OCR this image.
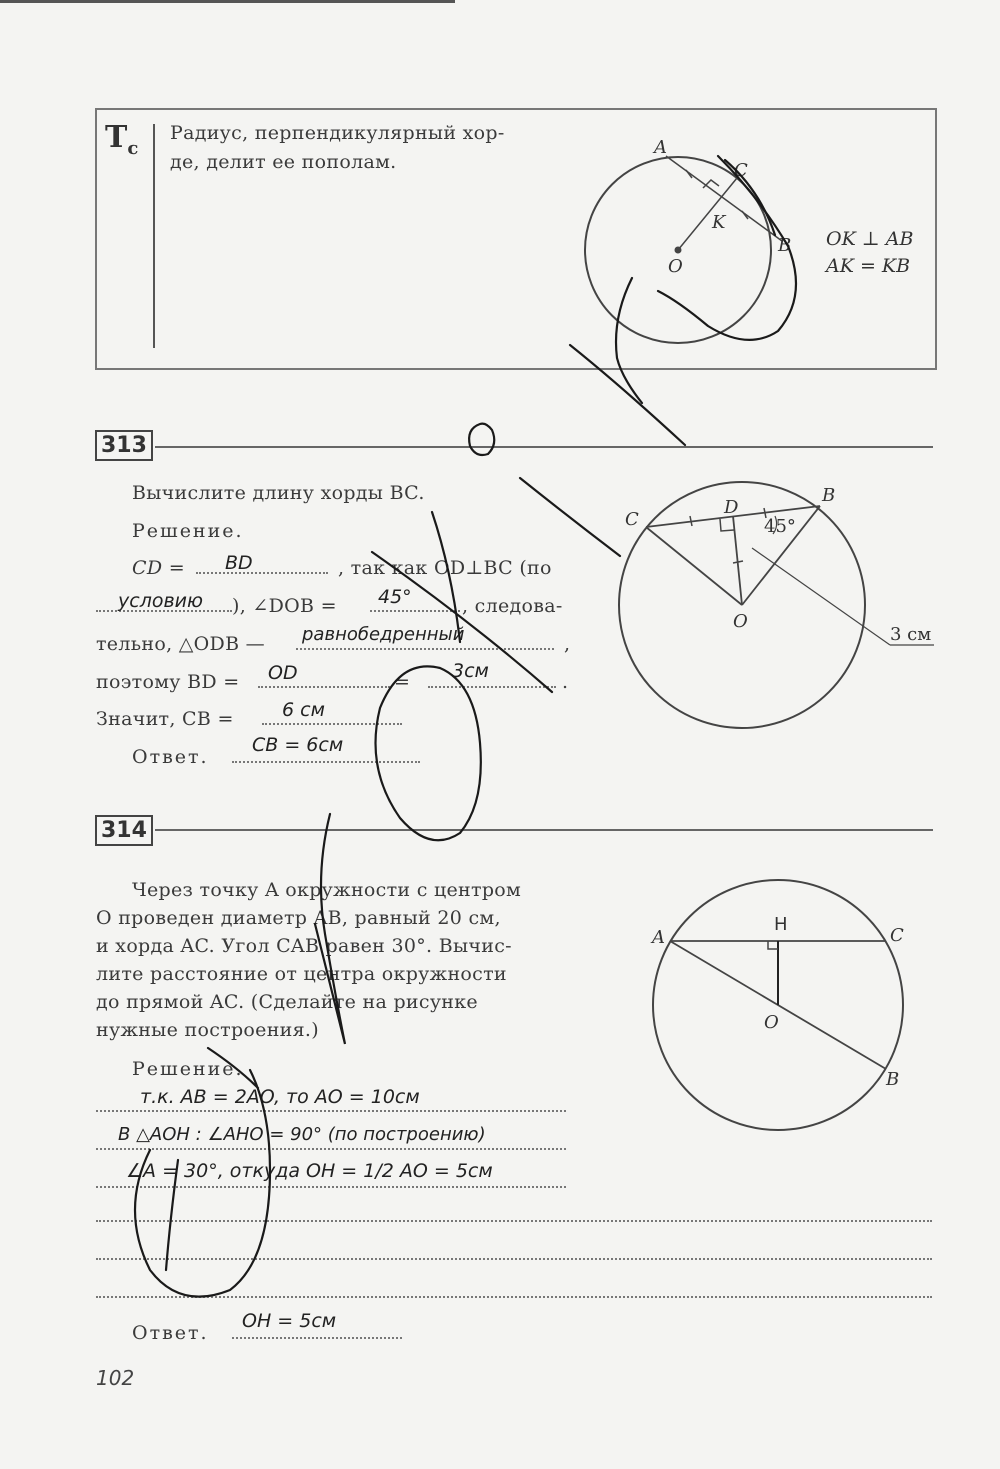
$T_c$
Радиус, перпендикулярный хор-
де, делит ее пополам.
OK ⊥ AB
AK = KB
313
Вычислите длину хорды BC.
Решение.
CD = BD	, так как OD⊥BC (по
условию ), ∠DOB = 45°	, следова-
тельно, △ODB — равнобедренный	,
поэтому BD = OD	= 3см	.
Значит, CB =	6 см
Ответ.
CB = 6см
314
Через точку A окружности с центром
O проведен диаметр AB, равный 20 см,
и хорда AC. Угол CAB равен 30°. Вычис-
лите расстояние от центра окружности
до прямой AC. (Сделайте на рисунке
нужные построения.)
Решение.
т.к. AB = 2AO, то AO = 10см
В △AOH : ∠AHO = 90° (по построению)
∠A = 30°, откуда OH = 1/2 AO = 5см
Ответ.
OH = 5см
102
A
C
K
B
O
C
D
B
O
45°
3 см
A	C
H
O
B
